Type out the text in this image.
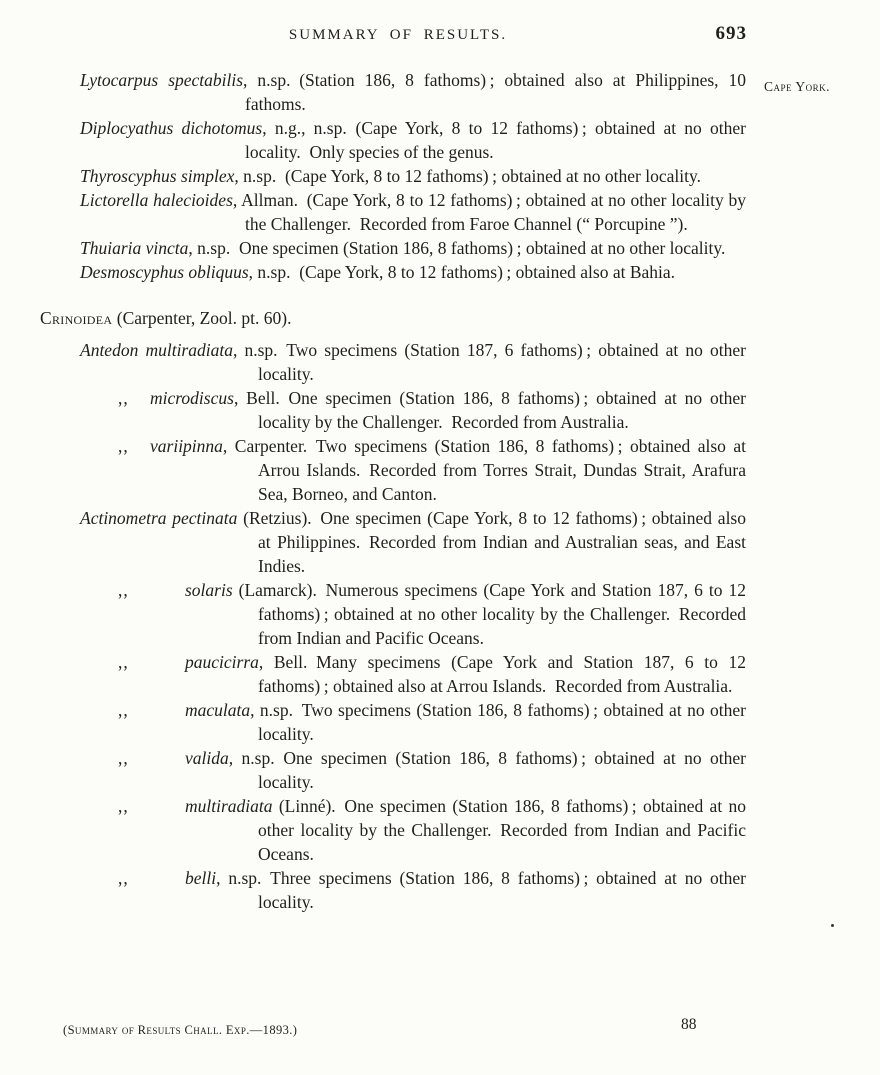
SUMMARY OF RESULTS.	693
Cape York.

Lytocarpus spectabilis, n.sp. (Station 186, 8 fathoms) ; obtained also at Philippines, 10 fathoms.

Diplocyathus dichotomus, n.g., n.sp. (Cape York, 8 to 12 fathoms) ; obtained at no other locality. Only species of the genus.

Thyroscyphus simplex, n.sp. (Cape York, 8 to 12 fathoms) ; obtained at no other locality.

Lictorella halecioides, Allman. (Cape York, 8 to 12 fathoms) ; obtained at no other locality by the Challenger. Recorded from Faroe Channel (“ Porcupine ”).

Thuiaria vincta, n.sp. One specimen (Station 186, 8 fathoms) ; obtained at no other locality.

Desmoscyphus obliquus, n.sp. (Cape York, 8 to 12 fathoms) ; obtained also at Bahia.

Crinoidea (Carpenter, Zool. pt. 60).

Antedon multiradiata, n.sp. Two specimens (Station 187, 6 fathoms) ; obtained at no other locality.

,, microdiscus, Bell. One specimen (Station 186, 8 fathoms) ; obtained at no other locality by the Challenger. Recorded from Australia.

,, variipinna, Carpenter. Two specimens (Station 186, 8 fathoms) ; obtained also at Arrou Islands. Recorded from Torres Strait, Dundas Strait, Arafura Sea, Borneo, and Canton.

Actinometra pectinata (Retzius). One specimen (Cape York, 8 to 12 fathoms) ; obtained also at Philippines. Recorded from Indian and Australian seas, and East Indies.

,,	solaris (Lamarck). Numerous specimens (Cape York and Station 187, 6 to 12 fathoms) ; obtained at no other locality by the Challenger. Recorded from Indian and Pacific Oceans.

,,	paucicirra, Bell. Many specimens (Cape York and Station 187, 6 to 12 fathoms) ; obtained also at Arrou Islands. Recorded from Australia.

,,	maculata, n.sp. Two specimens (Station 186, 8 fathoms) ; obtained at no other locality.

,,	valida, n.sp. One specimen (Station 186, 8 fathoms) ; obtained at no other locality.

,,	multiradiata (Linné). One specimen (Station 186, 8 fathoms) ; obtained at no other locality by the Challenger. Recorded from Indian and Pacific Oceans.

,,	belli, n.sp. Three specimens (Station 186, 8 fathoms) ; obtained at no other locality.

(Summary of Results Chall. Exp.—1893.)	88
